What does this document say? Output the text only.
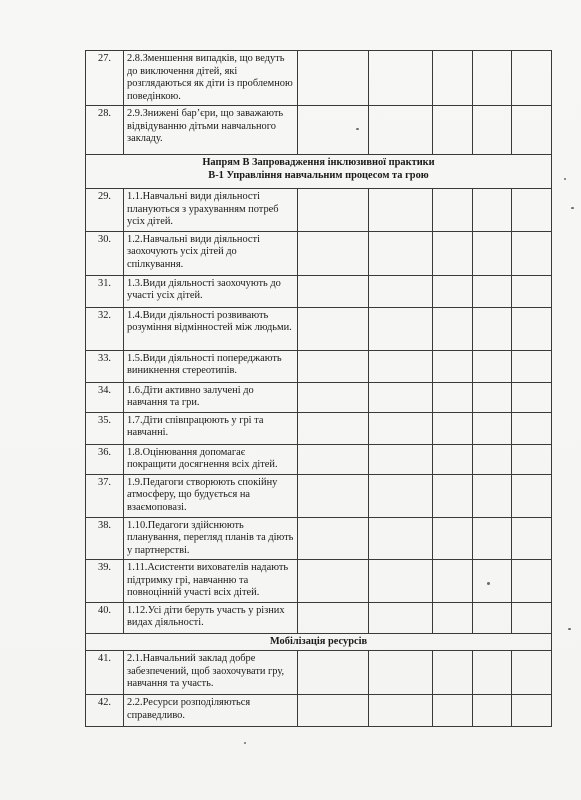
27.	2.8.Зменшення випадків, що ведуть до виключення дітей, які розглядаються як діти із проблемною поведінкою.					
28.	2.9.Знижені бар’єри, що заважають відвідуванню дітьми навчального закладу.					

Напрям В Запровадження інклюзивної практики
В-1 Управління навчальним процесом та грою						

29.	1.1.Навчальні види діяльності плануються з урахуванням потреб усіх дітей.					
30.	1.2.Навчальні види діяльності заохочують усіх дітей до спілкування.					
31.	1.3.Види діяльності заохочують до участі усіх дітей.					
32.	1.4.Види діяльності розвивають розуміння відмінностей між людьми.					
33.	1.5.Види діяльності попереджають виникнення стереотипів.					
34.	1.6.Діти активно залучені до навчання та гри.					
35.	1.7.Діти співпрацюють у грі та навчанні.					
36.	1.8.Оцінювання допомагає покращити досягнення всіх дітей.					
37.	1.9.Педагоги створюють спокійну атмосферу, що будується на взаємоповазі.					
38.	1.10.Педагоги здійснюють планування, перегляд планів та діють у партнерстві.					
39.	1.11.Асистенти вихователів надають підтримку грі, навчанню та повноцінній участі всіх дітей.					
40.	1.12.Усі діти беруть участь у різних видах діяльності.					
Мобілізація ресурсів						
41.	2.1.Навчальний заклад добре забезпечений, щоб заохочувати гру, навчання та участь.					
42.	2.2.Ресурси розподіляються справедливо.					
